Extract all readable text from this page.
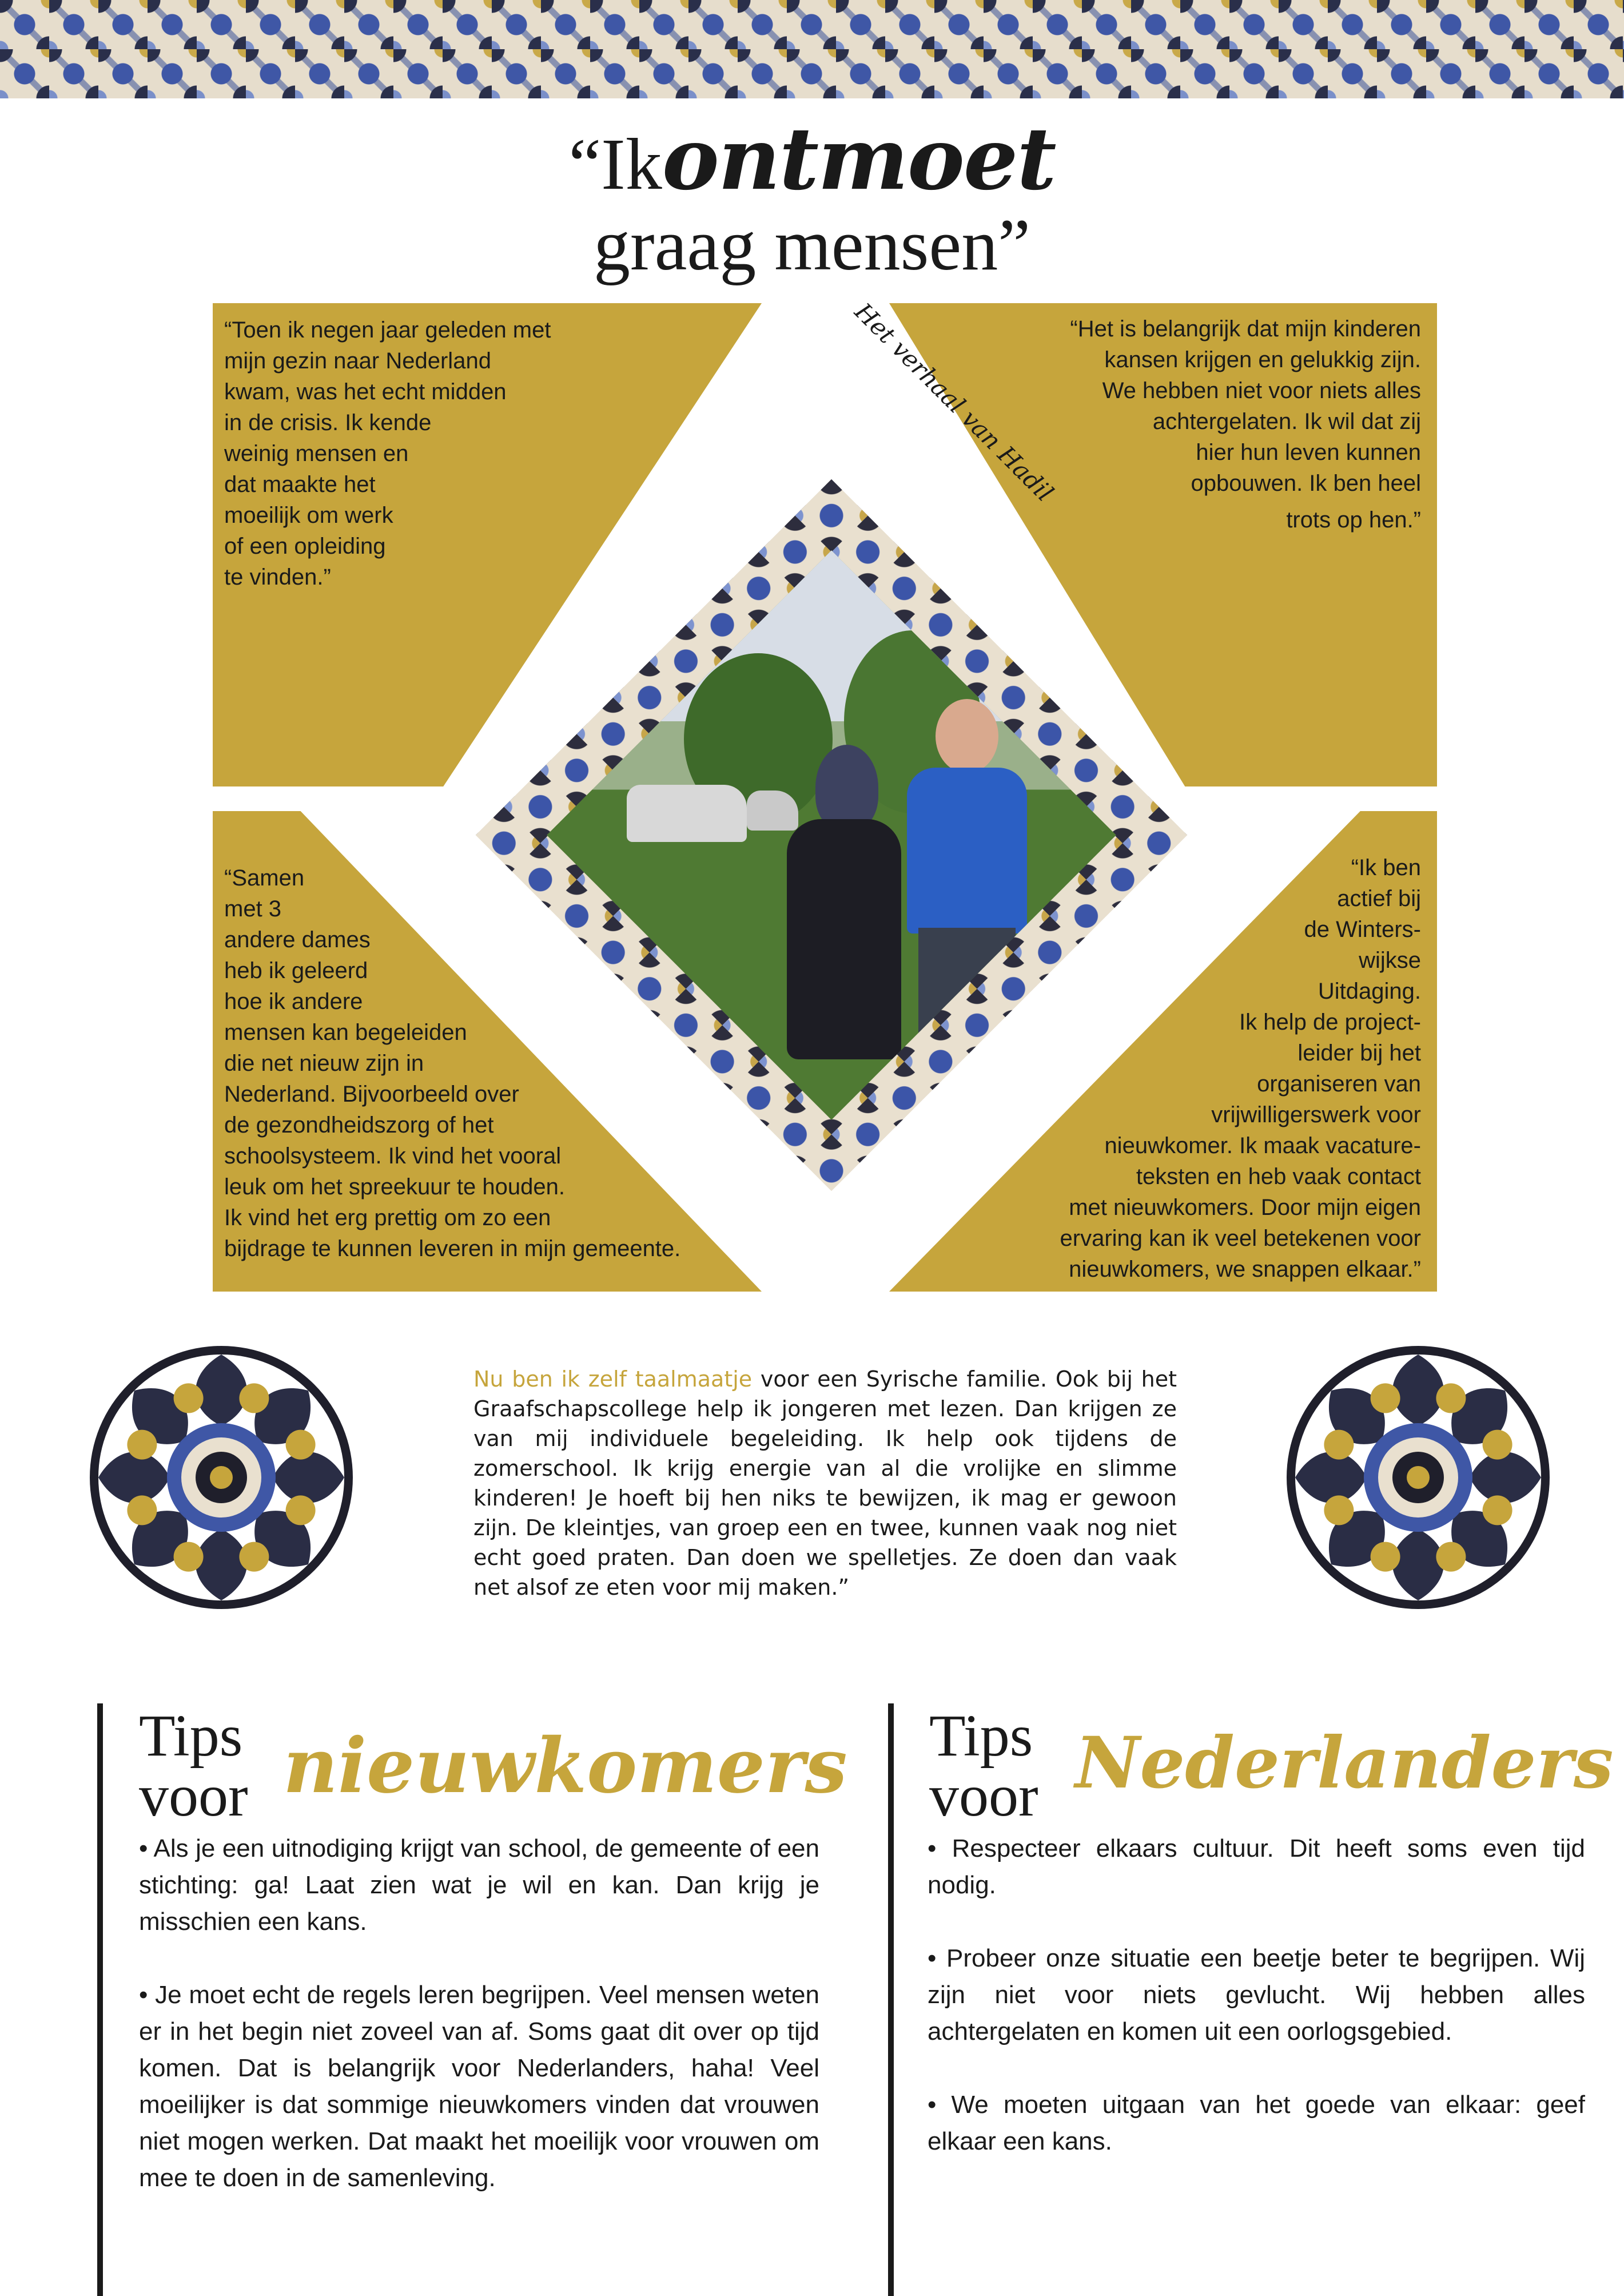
“Ikontmoet
graag mensen”
“Toen ik negen jaar geleden met
mijn gezin naar Nederland
kwam, was het echt midden
in de crisis. Ik kende
weinig mensen en
dat maakte het
moeilijk om werk
of een opleiding
te vinden.”
“Het is belangrijk dat mijn kinderen
kansen krijgen en gelukkig zijn.
We hebben niet voor niets alles
achtergelaten. Ik wil dat zij
hier hun leven kunnen
opbouwen. Ik ben heel
trots op hen.”
“Samen
met 3
andere dames
heb ik geleerd
hoe ik andere
mensen kan begeleiden
die net nieuw zijn in
Nederland. Bijvoorbeeld over
de gezondheidszorg of het
schoolsysteem. Ik vind het vooral
leuk om het spreekuur te houden.
Ik vind het erg prettig om zo een
bijdrage te kunnen leveren in mijn gemeente.
“Ik ben
actief bij
de Winters-
wijkse
Uitdaging.
Ik help de project-
leider bij het
organiseren van
vrijwilligerswerk voor
nieuwkomer. Ik maak vacature-
teksten en heb vaak contact
met nieuwkomers. Door mijn eigen
ervaring kan ik veel betekenen voor
nieuwkomers, we snappen elkaar.”
Het verhaal van Hadil

Nu ben ik zelf taalmaatje voor een Syrische familie. Ook bij het Graafschapscollege help ik jongeren met lezen. Dan krijgen ze van mij individuele begeleiding. Ik help ook tijdens de zomerschool. Ik krijg energie van al die vrolijke en slimme kinderen! Je hoeft bij hen niks te bewijzen, ik mag er gewoon zijn. De kleintjes, van groep een en twee, kunnen vaak nog niet echt goed praten. Dan doen we spelletjes. Ze doen dan vaak net alsof ze eten voor mij maken.”

Tips
voor nieuwkomers

• Als je een uitnodiging krijgt van school, de gemeente of een stichting: ga! Laat zien wat je wil en kan. Dan krijg je misschien een kans.

• Je moet echt de regels leren begrijpen. Veel mensen weten er in het begin niet zoveel van af. Soms gaat dit over op tijd komen. Dat is belangrijk voor Nederlanders, haha! Veel moeilijker is dat sommige nieuwkomers vinden dat vrouwen niet mogen werken. Dat maakt het moeilijk voor vrouwen om mee te doen in de samenleving.

Tips
voor Nederlanders

• Respecteer elkaars cultuur. Dit heeft soms even tijd nodig.

• Probeer onze situatie een beetje beter te begrijpen. Wij zijn niet voor niets gevlucht. Wij hebben alles achtergelaten en komen uit een oorlogsgebied.

• We moeten uitgaan van het goede van elkaar: geef elkaar een kans.
